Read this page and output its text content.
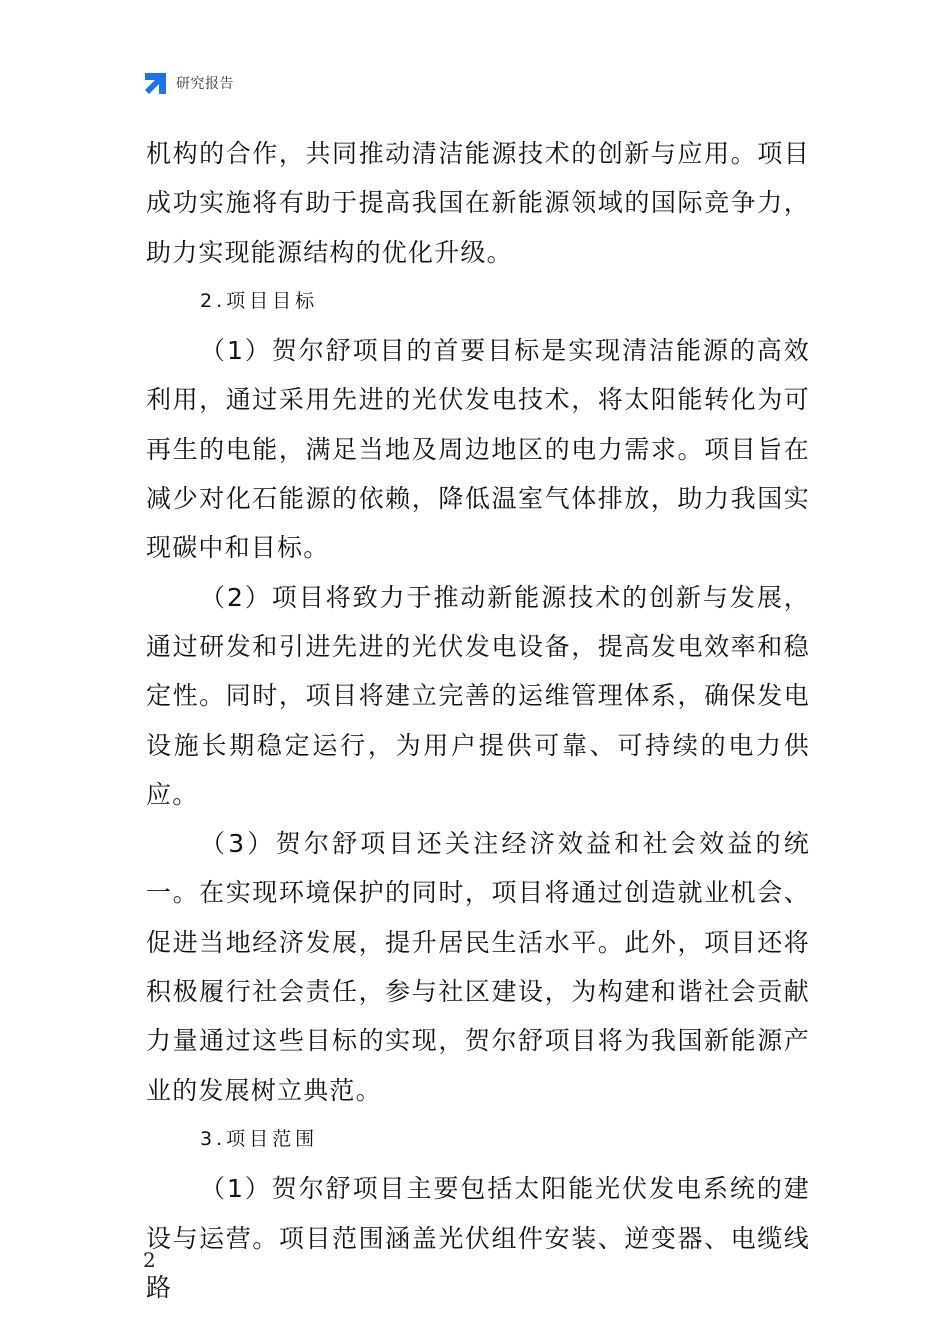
研究报告

机构的合作，共同推动清洁能源技术的创新与应用。项目成功实施将有助于提高我国在新能源领域的国际竞争力，助力实现能源结构的优化升级。

2.项目目标

（1）贺尔舒项目的首要目标是实现清洁能源的高效利用，通过采用先进的光伏发电技术，将太阳能转化为可再生的电能，满足当地及周边地区的电力需求。项目旨在减少对化石能源的依赖，降低温室气体排放，助力我国实现碳中和目标。

（2）项目将致力于推动新能源技术的创新与发展，通过研发和引进先进的光伏发电设备，提高发电效率和稳定性。同时，项目将建立完善的运维管理体系，确保发电设施长期稳定运行，为用户提供可靠、可持续的电力供应。

（3）贺尔舒项目还关注经济效益和社会效益的统一。在实现环境保护的同时，项目将通过创造就业机会、促进当地经济发展，提升居民生活水平。此外，项目还将积极履行社会责任，参与社区建设，为构建和谐社会贡献力量通过这些目标的实现，贺尔舒项目将为我国新能源产业的发展树立典范。

3.项目范围

（1）贺尔舒项目主要包括太阳能光伏发电系统的建设与运营。项目范围涵盖光伏组件安装、逆变器、电缆线路

2
